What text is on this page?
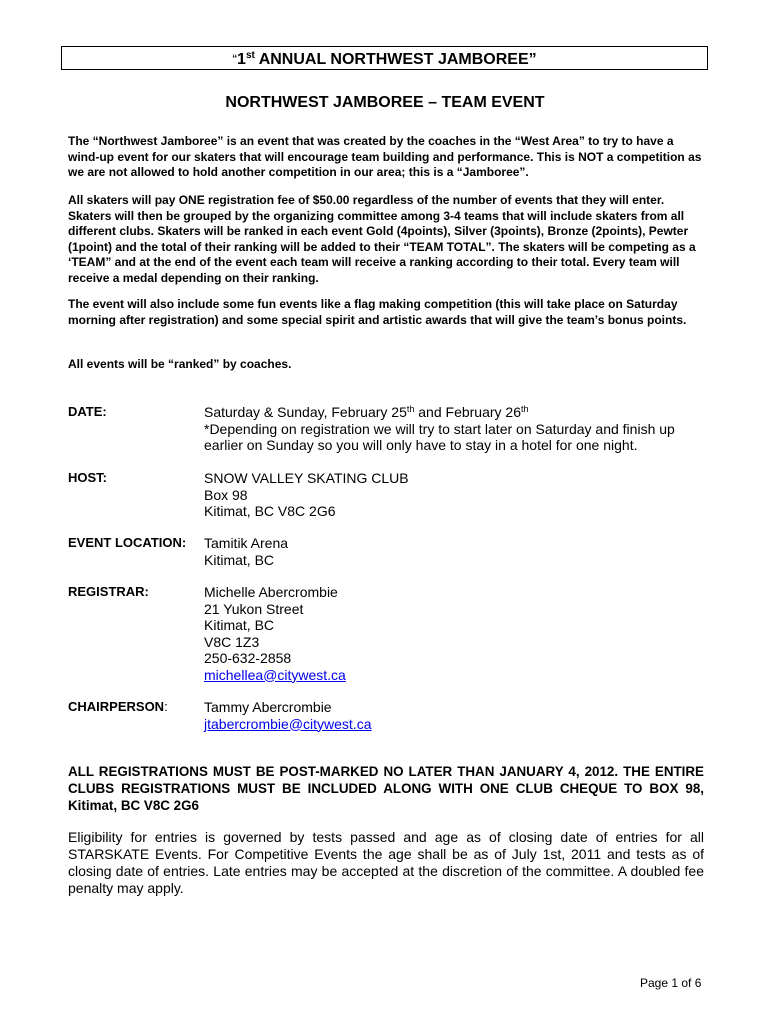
“1st ANNUAL NORTHWEST JAMBOREE”
NORTHWEST JAMBOREE – TEAM EVENT
The “Northwest Jamboree” is an event that was created by the coaches in the “West Area” to try to have a wind-up event for our skaters that will encourage team building and performance. This is NOT a competition as we are not allowed to hold another competition in our area; this is a “Jamboree”.
All skaters will pay ONE registration fee of $50.00 regardless of the number of events that they will enter. Skaters will then be grouped by the organizing committee among 3-4 teams that will include skaters from all different clubs. Skaters will be ranked in each event Gold (4points), Silver (3points), Bronze (2points), Pewter (1point) and the total of their ranking will be added to their “TEAM TOTAL”. The skaters will be competing as a ‘TEAM” and at the end of the event each team will receive a ranking according to their total. Every team will receive a medal depending on their ranking.
The event will also include some fun events like a flag making competition (this will take place on Saturday morning after registration) and some special spirit and artistic awards that will give the team’s bonus points.
All events will be “ranked” by coaches.
DATE:	Saturday & Sunday, February 25th and February 26th
*Depending on registration we will try to start later on Saturday and finish up
earlier on Sunday so you will only have to stay in a hotel for one night.
HOST:	SNOW VALLEY SKATING CLUB
Box 98
Kitimat, BC V8C 2G6
EVENT LOCATION: Tamitik Arena
Kitimat, BC
REGISTRAR:	Michelle Abercrombie
21 Yukon Street
Kitimat, BC
V8C 1Z3
250-632-2858
michellea@citywest.ca
CHAIRPERSON:	Tammy Abercrombie
jtabercrombie@citywest.ca
ALL REGISTRATIONS MUST BE POST-MARKED NO LATER THAN JANUARY 4, 2012. THE ENTIRE CLUBS REGISTRATIONS MUST BE INCLUDED ALONG WITH ONE CLUB CHEQUE TO BOX 98, Kitimat, BC V8C 2G6
Eligibility for entries is governed by tests passed and age as of closing date of entries for all STARSKATE Events. For Competitive Events the age shall be as of July 1st, 2011 and tests as of closing date of entries. Late entries may be accepted at the discretion of the committee. A doubled fee penalty may apply.
Page 1 of 6
